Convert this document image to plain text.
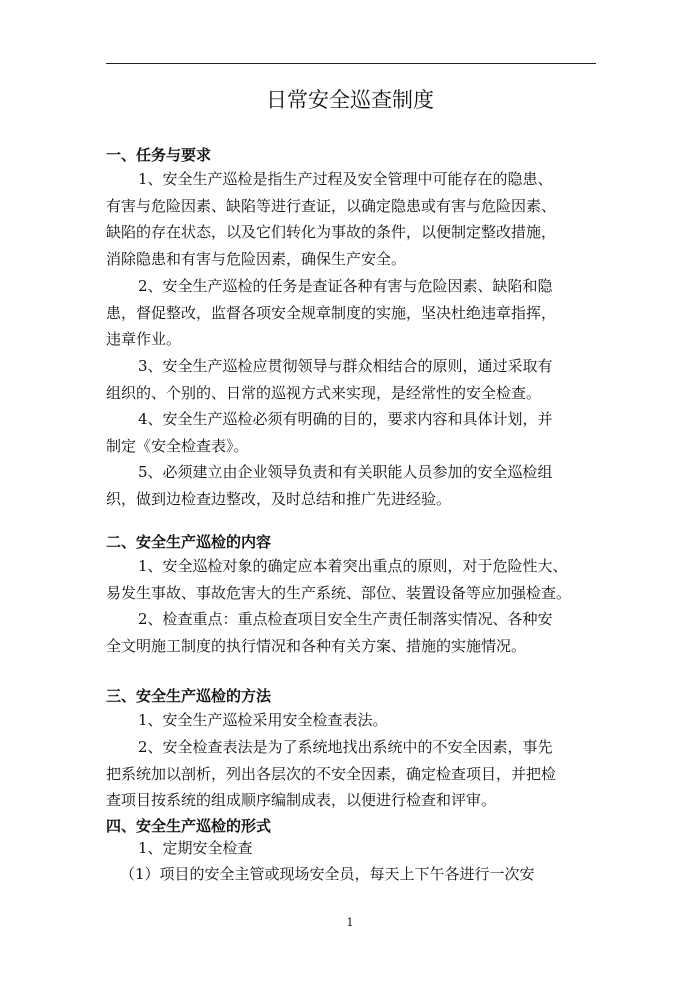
日常安全巡查制度
一、任务与要求
1、安全生产巡检是指生产过程及安全管理中可能存在的隐患、
有害与危险因素、缺陷等进行查证，以确定隐患或有害与危险因素、
缺陷的存在状态，以及它们转化为事故的条件，以便制定整改措施，
消除隐患和有害与危险因素，确保生产安全。
2、安全生产巡检的任务是查证各种有害与危险因素、缺陷和隐
患，督促整改，监督各项安全规章制度的实施，坚决杜绝违章指挥，
违章作业。
3、安全生产巡检应贯彻领导与群众相结合的原则，通过采取有
组织的、个别的、日常的巡视方式来实现，是经常性的安全检查。
4、安全生产巡检必须有明确的目的，要求内容和具体计划，并
制定《安全检查表》。
5、必须建立由企业领导负责和有关职能人员参加的安全巡检组
织，做到边检查边整改，及时总结和推广先进经验。
二、安全生产巡检的内容
1、安全巡检对象的确定应本着突出重点的原则，对于危险性大、
易发生事故、事故危害大的生产系统、部位、装置设备等应加强检查。
2、检查重点：重点检查项目安全生产责任制落实情况、各种安
全文明施工制度的执行情况和各种有关方案、措施的实施情况。
三、安全生产巡检的方法
1、安全生产巡检采用安全检查表法。
2、安全检查表法是为了系统地找出系统中的不安全因素，事先
把系统加以剖析，列出各层次的不安全因素，确定检查项目，并把检
查项目按系统的组成顺序编制成表，以便进行检查和评审。
四、安全生产巡检的形式
1、定期安全检查
（1）项目的安全主管或现场安全员，每天上下午各进行一次安
1
